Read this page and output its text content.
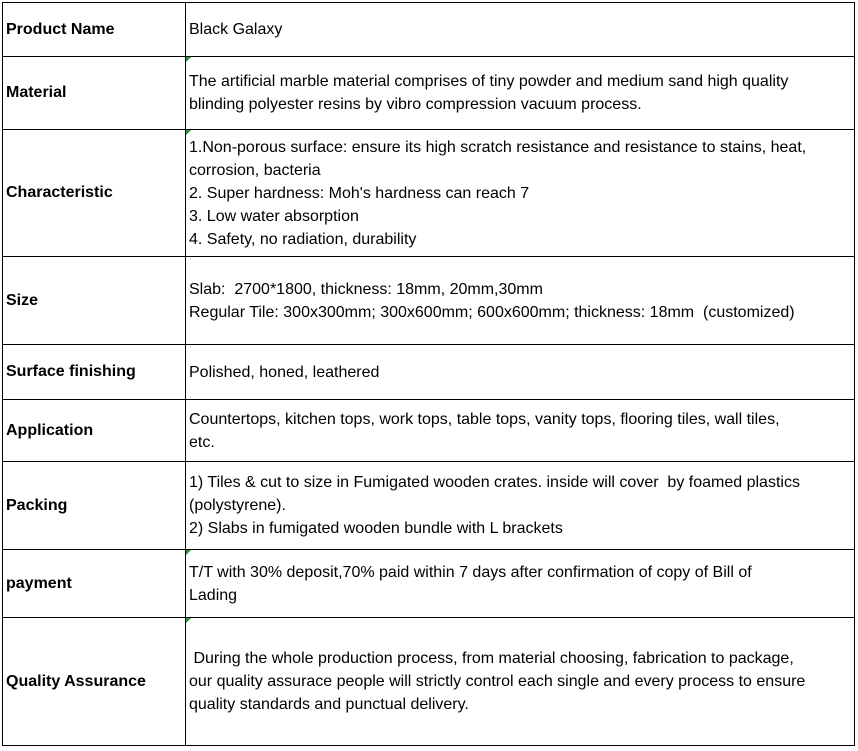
Product Name	Black Galaxy

Material	The artificial marble material comprises of tiny powder and medium sand high quality
blinding polyester resins by vibro compression vacuum process.

Characteristic	1.Non-porous surface: ensure its high scratch resistance and resistance to stains, heat,
corrosion, bacteria
2. Super hardness: Moh's hardness can reach 7
3. Low water absorption
4. Safety, no radiation, durability

Size	Slab:  2700*1800, thickness: 18mm, 20mm,30mm
Regular Tile: 300x300mm; 300x600mm; 600x600mm; thickness: 18mm  (customized)

Surface finishing	Polished, honed, leathered

Application	Countertops, kitchen tops, work tops, table tops, vanity tops, flooring tiles, wall tiles,
etc.

Packing	1) Tiles & cut to size in Fumigated wooden crates. inside will cover  by foamed plastics
(polystyrene).
2) Slabs in fumigated wooden bundle with L brackets

payment	T/T with 30% deposit,70% paid within 7 days after confirmation of copy of Bill of
Lading

Quality Assurance	During the whole production process, from material choosing, fabrication to package,
our quality assurace people will strictly control each single and every process to ensure
quality standards and punctual delivery.
